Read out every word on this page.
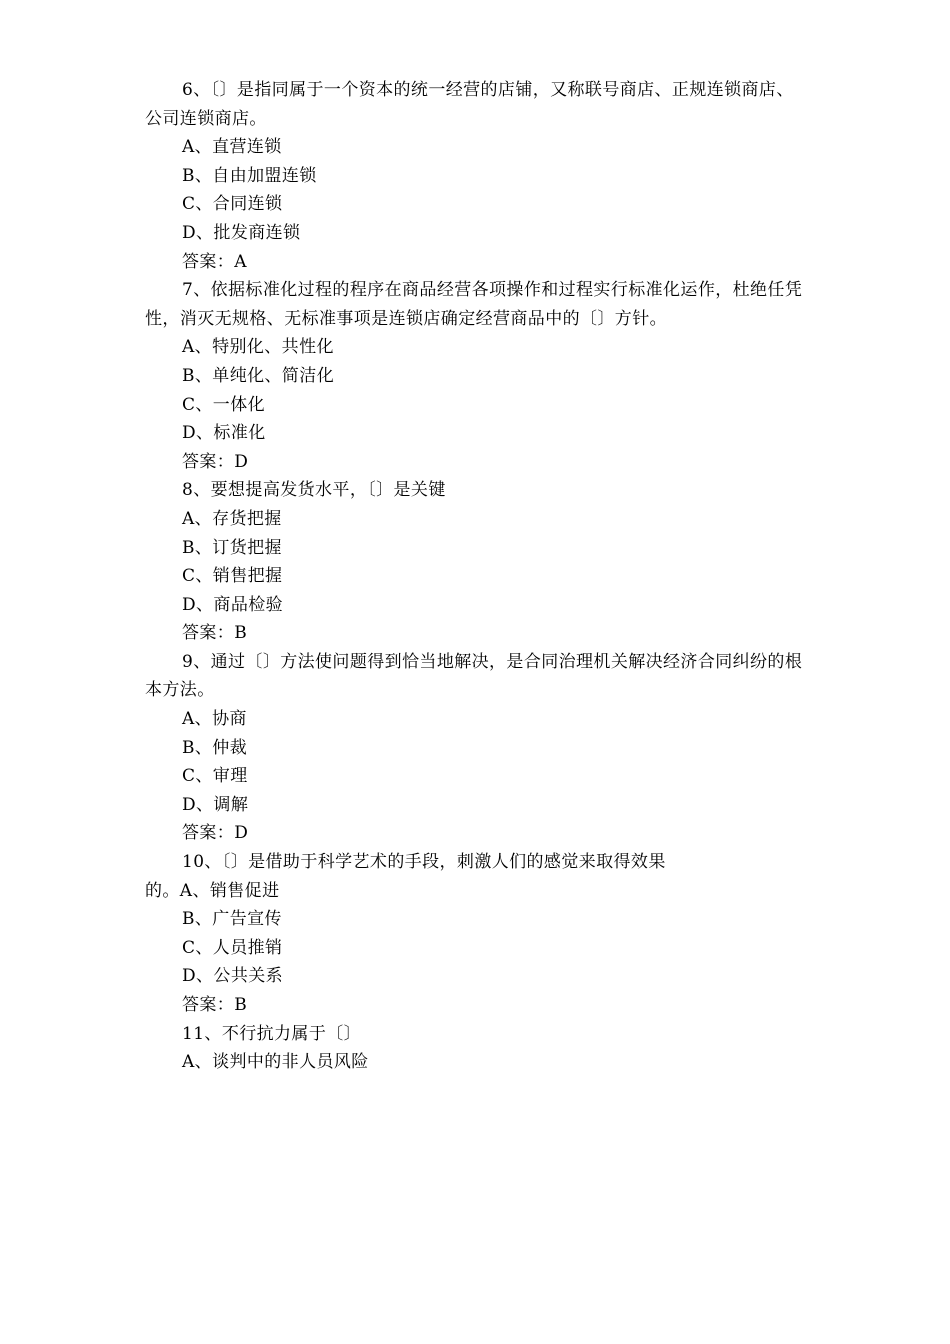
6、〔〕是指同属于一个资本的统一经营的店铺，又称联号商店、正规连锁商店、公司连锁商店。
A、直营连锁
B、自由加盟连锁
C、合同连锁
D、批发商连锁
答案：A
7、依据标准化过程的程序在商品经营各项操作和过程实行标准化运作，杜绝任凭性，消灭无规格、无标准事项是连锁店确定经营商品中的〔〕方针。
A、特别化、共性化
B、单纯化、简洁化
C、一体化
D、标准化
答案：D
8、要想提高发货水平，〔〕是关键
A、存货把握
B、订货把握
C、销售把握
D、商品检验
答案：B
9、通过〔〕方法使问题得到恰当地解决，是合同治理机关解决经济合同纠纷的根本方法。
A、协商
B、仲裁
C、审理
D、调解
答案：D
10、〔〕是借助于科学艺术的手段，刺激人们的感觉来取得效果
的。A、销售促进
B、广告宣传
C、人员推销
D、公共关系
答案：B
11、不行抗力属于〔〕
A、谈判中的非人员风险
